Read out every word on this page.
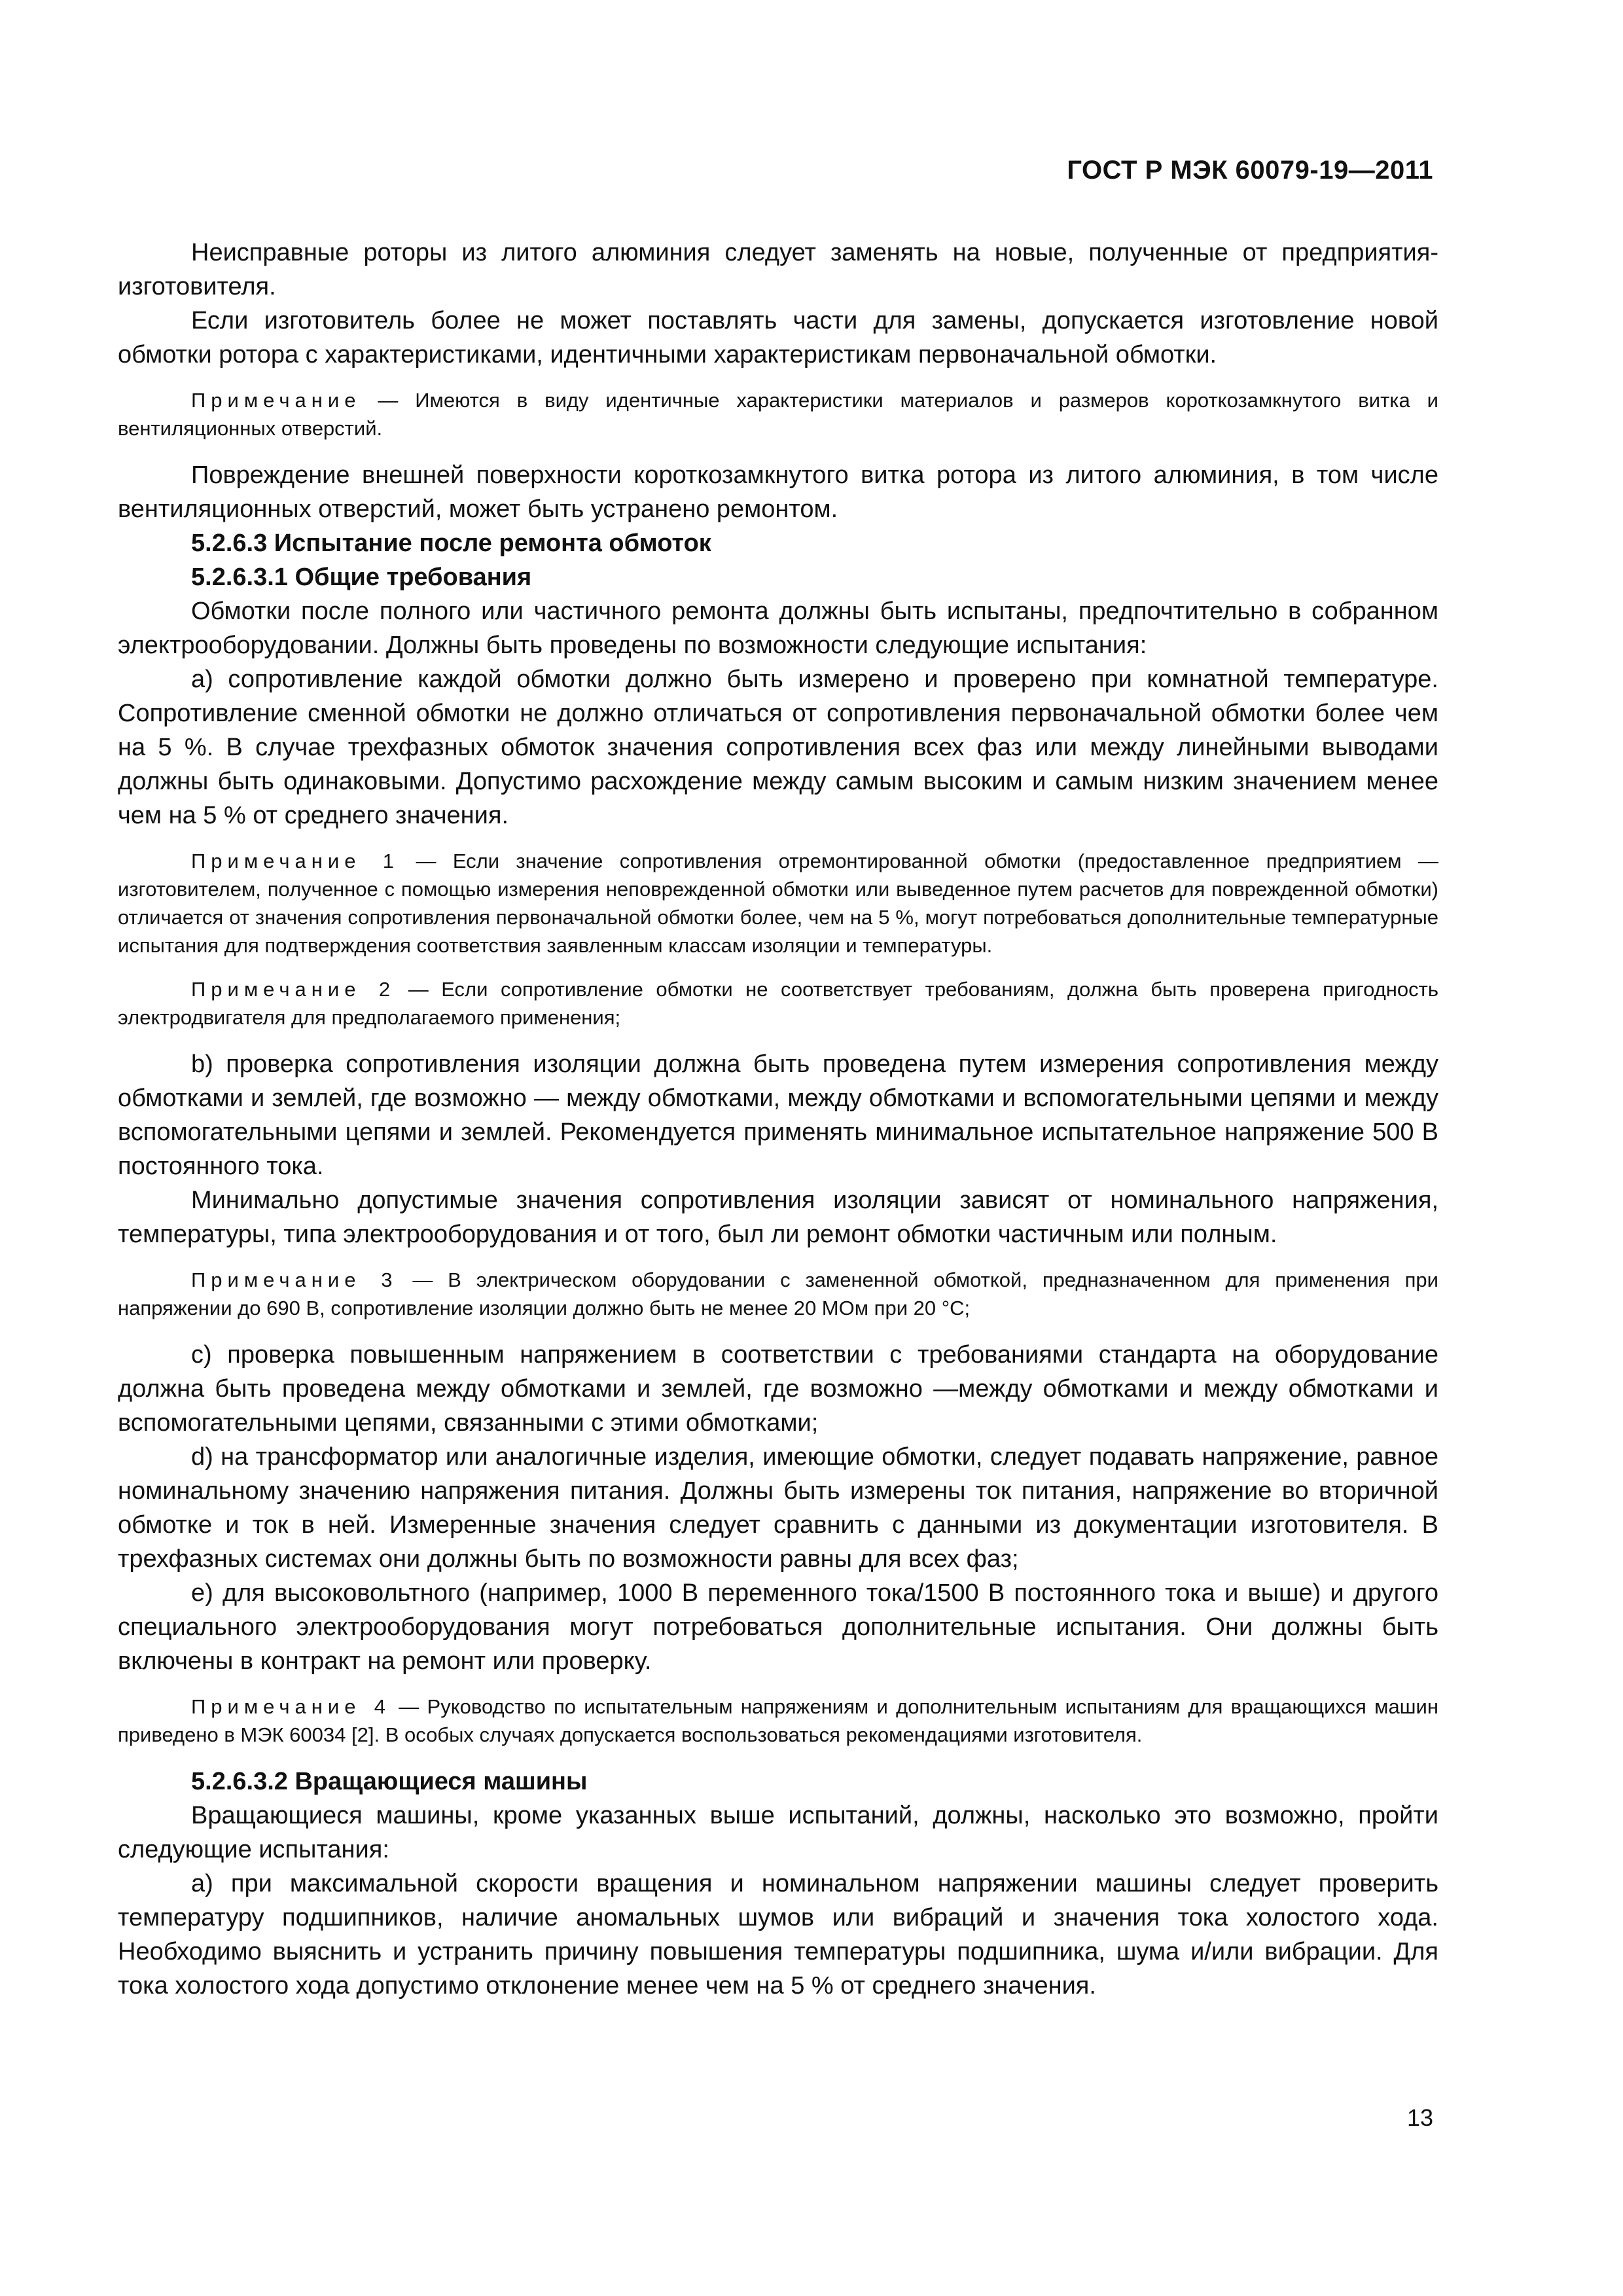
ГОСТ Р МЭК 60079-19—2011

Неисправные роторы из литого алюминия следует заменять на новые, полученные от предприятия-изготовителя.

Если изготовитель более не может поставлять части для замены, допускается изготовление новой обмотки ротора с характеристиками, идентичными характеристикам первоначальной обмотки.

Примечание — Имеются в виду идентичные характеристики материалов и размеров короткозамкнутого витка и вентиляционных отверстий.

Повреждение внешней поверхности короткозамкнутого витка ротора из литого алюминия, в том числе вентиляционных отверстий, может быть устранено ремонтом.

5.2.6.3 Испытание после ремонта обмоток

5.2.6.3.1 Общие требования

Обмотки после полного или частичного ремонта должны быть испытаны, предпочтительно в собранном электрооборудовании. Должны быть проведены по возможности следующие испытания:

a) сопротивление каждой обмотки должно быть измерено и проверено при комнатной температуре. Сопротивление сменной обмотки не должно отличаться от сопротивления первоначальной обмотки более чем на 5 %. В случае трехфазных обмоток значения сопротивления всех фаз или между линейными выводами должны быть одинаковыми. Допустимо расхождение между самым высоким и самым низким значением менее чем на 5 % от среднего значения.

Примечание 1 — Если значение сопротивления отремонтированной обмотки (предоставленное предприятием — изготовителем, полученное с помощью измерения неповрежденной обмотки или выведенное путем расчетов для поврежденной обмотки) отличается от значения сопротивления первоначальной обмотки более, чем на 5 %, могут потребоваться дополнительные температурные испытания для подтверждения соответствия заявленным классам изоляции и температуры.

Примечание 2 — Если сопротивление обмотки не соответствует требованиям, должна быть проверена пригодность электродвигателя для предполагаемого применения;

b) проверка сопротивления изоляции должна быть проведена путем измерения сопротивления между обмотками и землей, где возможно — между обмотками, между обмотками и вспомогательными цепями и между вспомогательными цепями и землей. Рекомендуется применять минимальное испытательное напряжение 500 В постоянного тока.

Минимально допустимые значения сопротивления изоляции зависят от номинального напряжения, температуры, типа электрооборудования и от того, был ли ремонт обмотки частичным или полным.

Примечание 3 — В электрическом оборудовании с замененной обмоткой, предназначенном для применения при напряжении до 690 В, сопротивление изоляции должно быть не менее 20 МОм при 20 °С;

c) проверка повышенным напряжением в соответствии с требованиями стандарта на оборудование должна быть проведена между обмотками и землей, где возможно —между обмотками и между обмотками и вспомогательными цепями, связанными с этими обмотками;

d) на трансформатор или аналогичные изделия, имеющие обмотки, следует подавать напряжение, равное номинальному значению напряжения питания. Должны быть измерены ток питания, напряжение во вторичной обмотке и ток в ней. Измеренные значения следует сравнить с данными из документации изготовителя. В трехфазных системах они должны быть по возможности равны для всех фаз;

e) для высоковольтного (например, 1000 В переменного тока/1500 В постоянного тока и выше) и другого специального электрооборудования могут потребоваться дополнительные испытания. Они должны быть включены в контракт на ремонт или проверку.

Примечание 4 — Руководство по испытательным напряжениям и дополнительным испытаниям для вращающихся машин приведено в МЭК 60034 [2]. В особых случаях допускается воспользоваться рекомендациями изготовителя.

5.2.6.3.2 Вращающиеся машины

Вращающиеся машины, кроме указанных выше испытаний, должны, насколько это возможно, пройти следующие испытания:

a) при максимальной скорости вращения и номинальном напряжении машины следует проверить температуру подшипников, наличие аномальных шумов или вибраций и значения тока холостого хода. Необходимо выяснить и устранить причину повышения температуры подшипника, шума и/или вибрации. Для тока холостого хода допустимо отклонение менее чем на 5 % от среднего значения.

13
